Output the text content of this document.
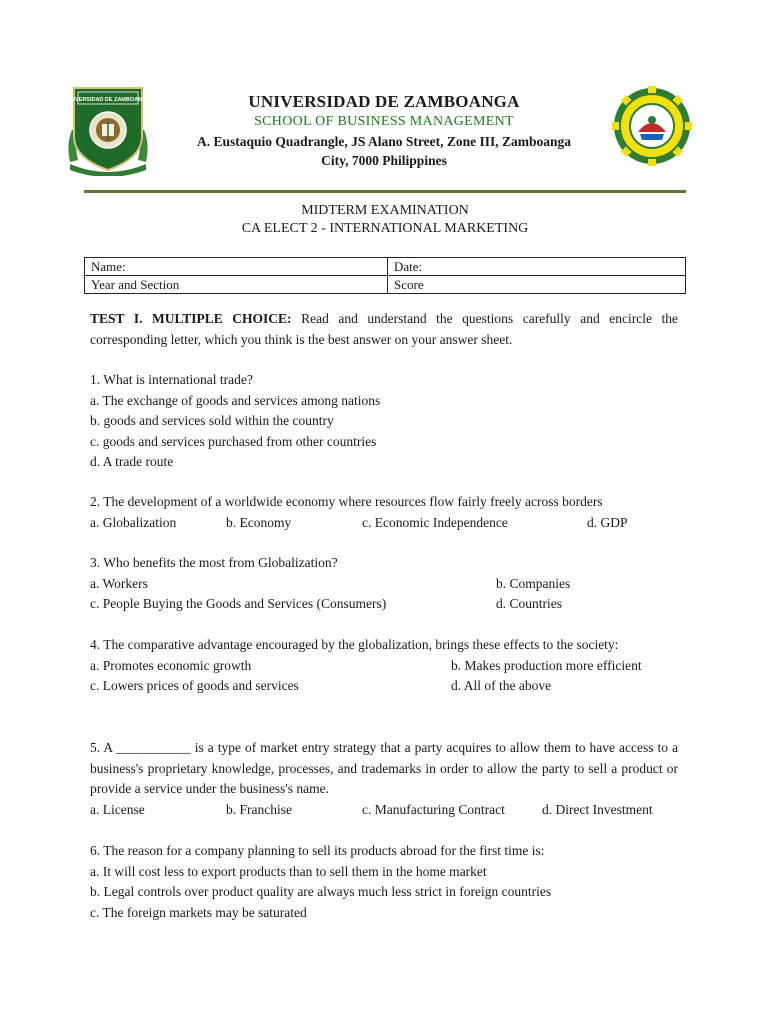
UNIVERSIDAD DE ZAMBOANGA	UNIVERSIDAD DE ZAMBOANGA
SCHOOL OF BUSINESS MANAGEMENT
A. Eustaquio Quadrangle, JS Alano Street, Zone III, Zamboanga
City, 7000 Philippines
MIDTERM EXAMINATION
CA ELECT 2 - INTERNATIONAL MARKETING
Name:	Date:
Year and Section	Score
TEST I. MULTIPLE CHOICE: Read and understand the questions carefully and encircle the corresponding letter, which you think is the best answer on your answer sheet.
1. What is international trade?
a. The exchange of goods and services among nations
b. goods and services sold within the country
c. goods and services purchased from other countries
d. A trade route
2. The development of a worldwide economy where resources flow fairly freely across borders
a. Globalization	b. Economy	c. Economic Independence	d. GDP
3. Who benefits the most from Globalization?
a. Workers	b. Companies
c. People Buying the Goods and Services (Consumers)	d. Countries
4. The comparative advantage encouraged by the globalization, brings these effects to the society:
a. Promotes economic growth	b. Makes production more efficient
c. Lowers prices of goods and services	d. All of the above
5. A ___________ is a type of market entry strategy that a party acquires to allow them to have access to a business's proprietary knowledge, processes, and trademarks in order to allow the party to sell a product or provide a service under the business's name.
a. License	b. Franchise	c. Manufacturing Contract	d. Direct Investment
6. The reason for a company planning to sell its products abroad for the first time is:
a. It will cost less to export products than to sell them in the home market
b. Legal controls over product quality are always much less strict in foreign countries
c. The foreign markets may be saturated
